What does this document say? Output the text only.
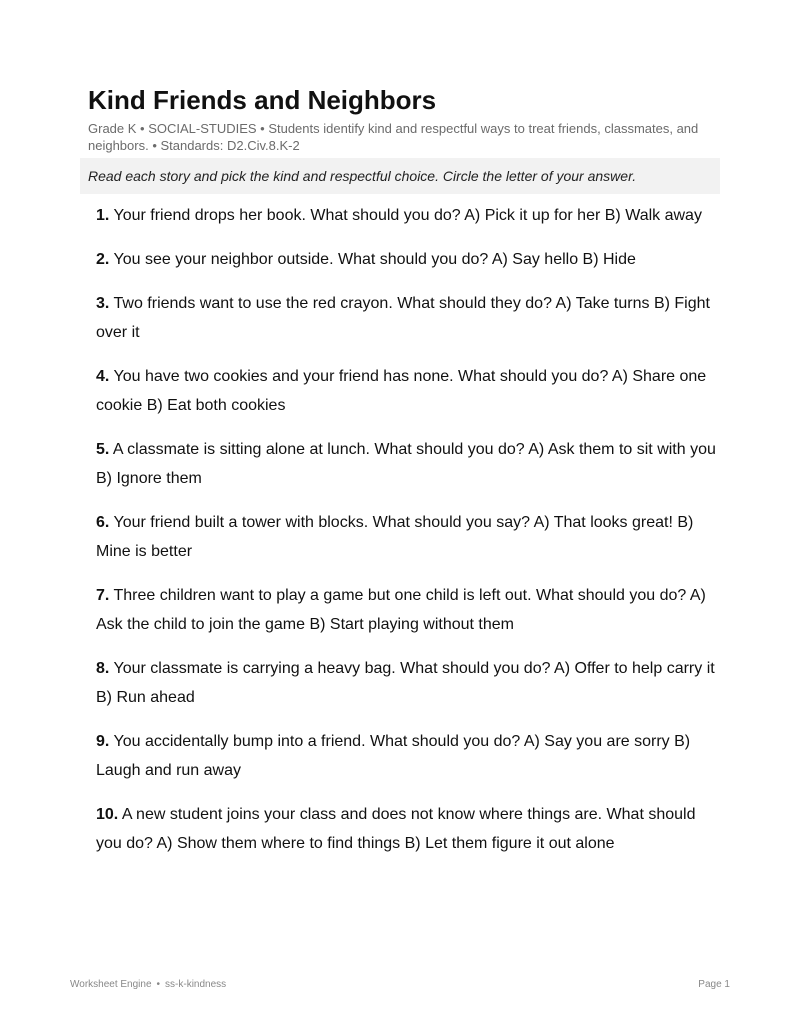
Kind Friends and Neighbors
Grade K • SOCIAL-STUDIES • Students identify kind and respectful ways to treat friends, classmates, and neighbors. • Standards: D2.Civ.8.K-2
Read each story and pick the kind and respectful choice. Circle the letter of your answer.
1. Your friend drops her book. What should you do? A) Pick it up for her B) Walk away
2. You see your neighbor outside. What should you do? A) Say hello B) Hide
3. Two friends want to use the red crayon. What should they do? A) Take turns B) Fight over it
4. You have two cookies and your friend has none. What should you do? A) Share one cookie B) Eat both cookies
5. A classmate is sitting alone at lunch. What should you do? A) Ask them to sit with you B) Ignore them
6. Your friend built a tower with blocks. What should you say? A) That looks great! B) Mine is better
7. Three children want to play a game but one child is left out. What should you do? A) Ask the child to join the game B) Start playing without them
8. Your classmate is carrying a heavy bag. What should you do? A) Offer to help carry it B) Run ahead
9. You accidentally bump into a friend. What should you do? A) Say you are sorry B) Laugh and run away
10. A new student joins your class and does not know where things are. What should you do? A) Show them where to find things B) Let them figure it out alone
Worksheet Engine • ss-k-kindness	Page 1
